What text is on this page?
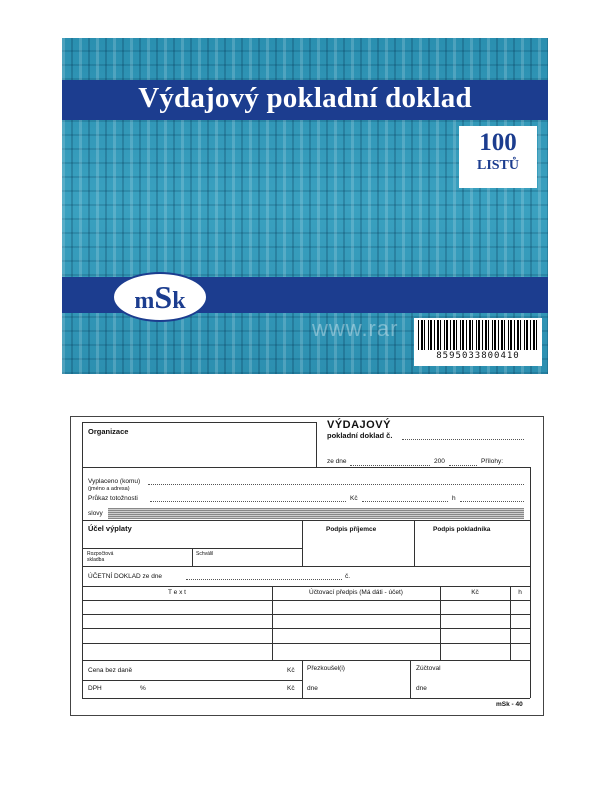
Výdajový pokladní doklad
100
LISTŮ
mSk
www.rar
8595033800410
Organizace
VÝDAJOVÝ
pokladní doklad č.
ze dne	200	Přílohy:
Vyplaceno (komu)
(jméno a adresa)
Průkaz totožnosti	Kč	h
slovy
Účel výplaty	Podpis příjemce	Podpis pokladníka
Rozpočtová skladba
Schválil
ÚČETNÍ DOKLAD ze dne	č.
T e x t	Účtovací předpis (Má dáti - účet)	Kč	h
Cena bez daně	Kč
DPH	%	Kč
Přezkoušel(i)
dne
Zúčtoval
dne
mSk - 40
